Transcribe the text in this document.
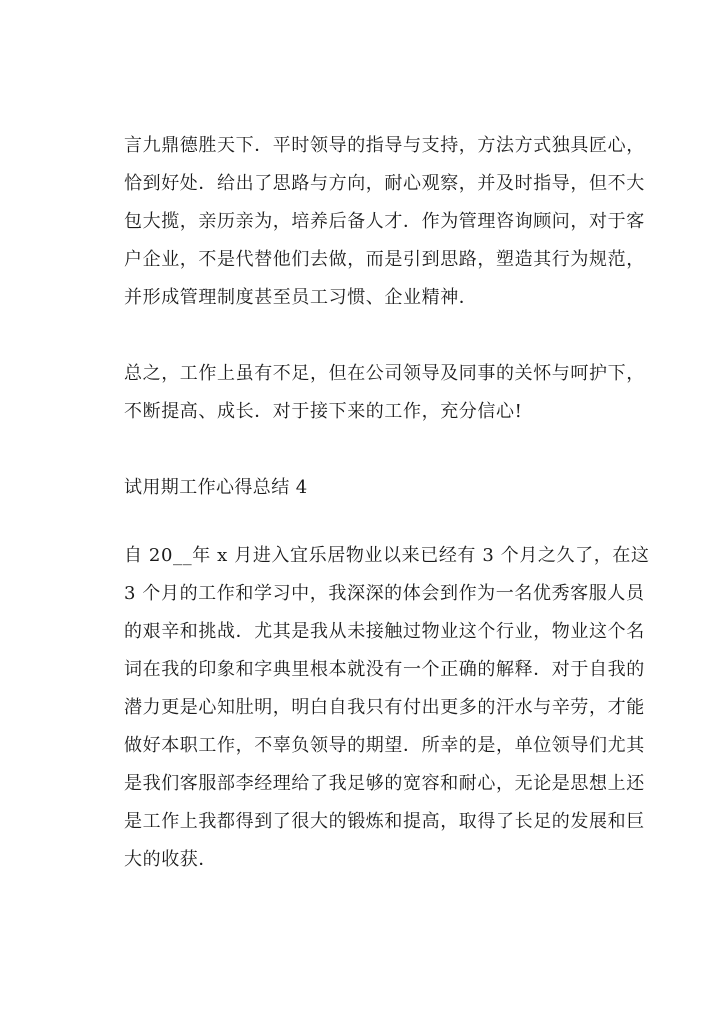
言九鼎德胜天下．平时领导的指导与支持，方法方式独具匠心，
恰到好处．给出了思路与方向，耐心观察，并及时指导，但不大
包大揽，亲历亲为，培养后备人才．作为管理咨询顾问，对于客
户企业，不是代替他们去做，而是引到思路，塑造其行为规范，
并形成管理制度甚至员工习惯、企业精神．
总之，工作上虽有不足，但在公司领导及同事的关怀与呵护下，
不断提高、成长．对于接下来的工作，充分信心!
试用期工作心得总结 4
自 20__年 x 月进入宜乐居物业以来已经有 3 个月之久了，在这
3 个月的工作和学习中，我深深的体会到作为一名优秀客服人员
的艰辛和挑战．尤其是我从未接触过物业这个行业，物业这个名
词在我的印象和字典里根本就没有一个正确的解释．对于自我的
潜力更是心知肚明，明白自我只有付出更多的汗水与辛劳，才能
做好本职工作，不辜负领导的期望．所幸的是，单位领导们尤其
是我们客服部李经理给了我足够的宽容和耐心，无论是思想上还
是工作上我都得到了很大的锻炼和提高，取得了长足的发展和巨
大的收获．
